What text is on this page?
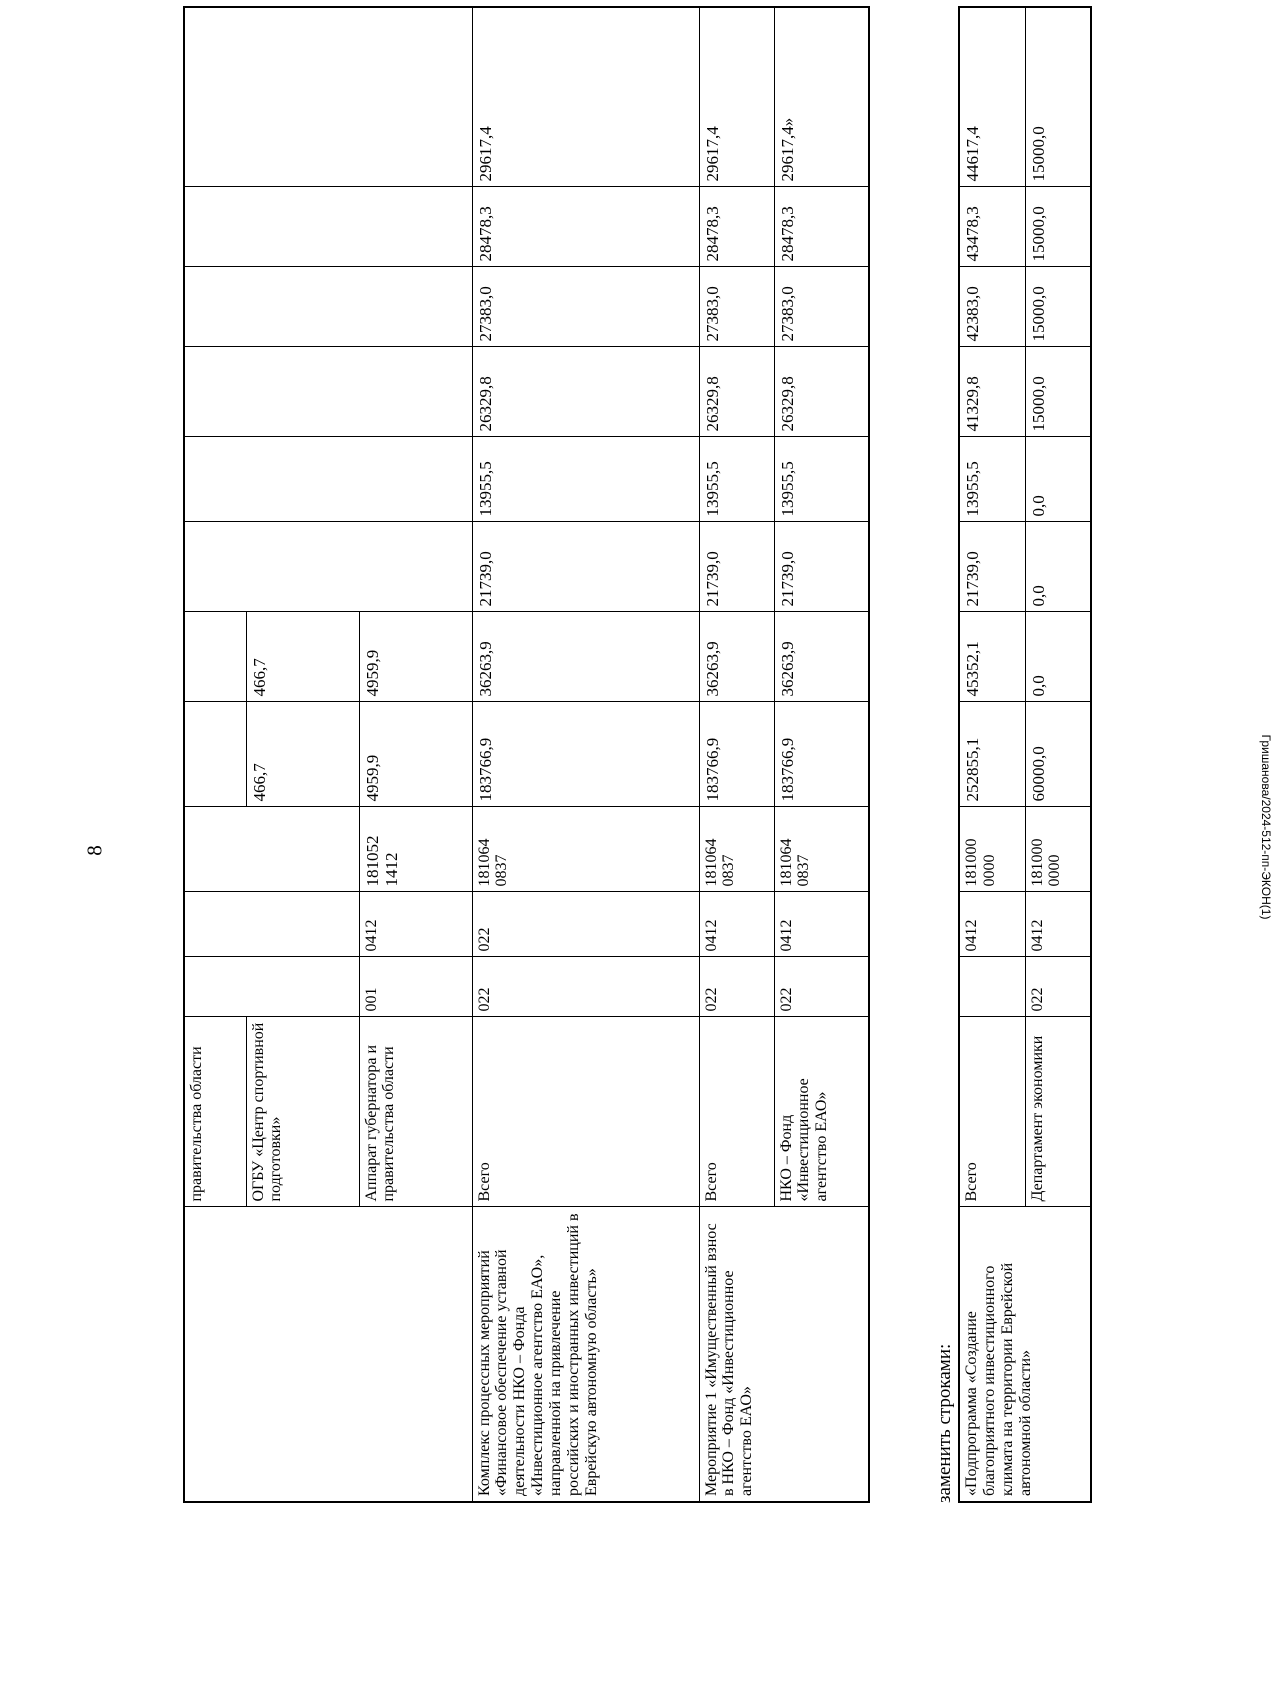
8	Гришанова/2024-512-пп-ЭКОН(1)
	правительства области											
	ОГБУ «Центр спортивной подготовки»				466,7	466,7						
	Аппарат губернатора и правительства области	001	0412	181052 1412	4959,9	4959,9						
Комплекс процессных мероприятий «Финансовое обеспечение уставной деятельности НКО – Фонда «Инвестиционное агентство ЕАО», направленной на привлечение российских и иностранных инвестиций в Еврейскую автономную область»	Всего	022	022	181064 0837	183766,9	36263,9	21739,0	13955,5	26329,8	27383,0	28478,3	29617,4
Мероприятие 1 «Имущественный взнос в НКО – Фонд «Инвестиционное агентство ЕАО»	Всего	022	0412	181064 0837	183766,9	36263,9	21739,0	13955,5	26329,8	27383,0	28478,3	29617,4
	НКО – Фонд «Инвестиционное агентство ЕАО»	022	0412	181064 0837	183766,9	36263,9	21739,0	13955,5	26329,8	27383,0	28478,3	29617,4»
заменить строками: «Подпрограмма «Создание благоприятного инвестиционного климата на территории Еврейской автономной области»	Всего		0412	181000 0000	252855,1	45352,1	21739,0	13955,5	41329,8	42383,0	43478,3	44617,4
	Департамент экономики	022	0412	181000 0000	60000,0	0,0	0,0	0,0	15000,0	15000,0	15000,0	15000,0
